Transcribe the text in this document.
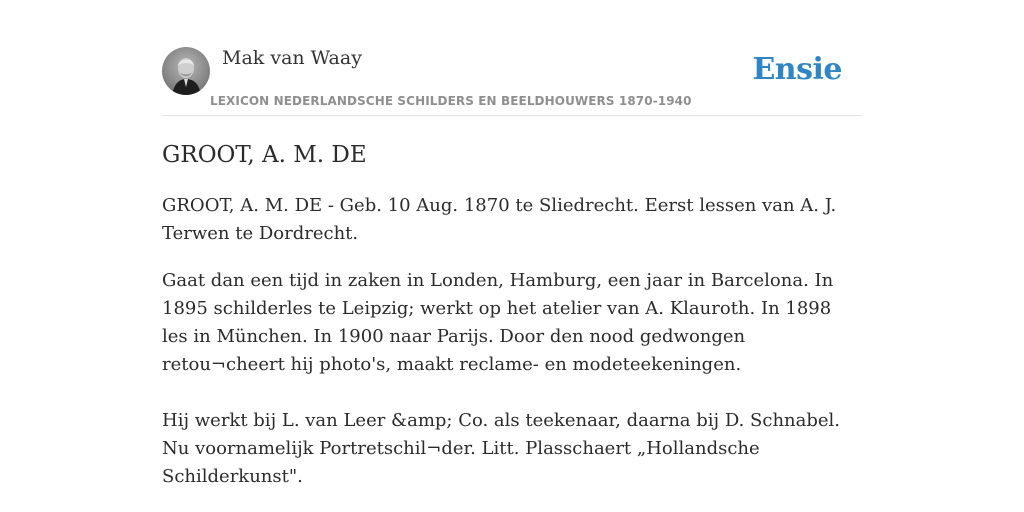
Mak van Waay
LEXICON NEDERLANDSCHE SCHILDERS EN BEELDHOUWERS 1870-1940
Ensie
GROOT, A. M. DE

GROOT, A. M. DE - Geb. 10 Aug. 1870 te Sliedrecht. Eerst lessen van A. J. Terwen te Dordrecht.

Gaat dan een tijd in zaken in Londen, Hamburg, een jaar in Barcelona. In 1895 schilderles te Leipzig; werkt op het atelier van A. Klauroth. In 1898 les in München. In 1900 naar Parijs. Door den nood gedwongen retou¬cheert hij photo's, maakt reclame- en modeteekeningen.

Hij werkt bij L. van Leer &amp; Co. als teekenaar, daarna bij D. Schnabel. Nu voornamelijk Portretschil¬der. Litt. Plasschaert „Hollandsche Schilderkunst".
